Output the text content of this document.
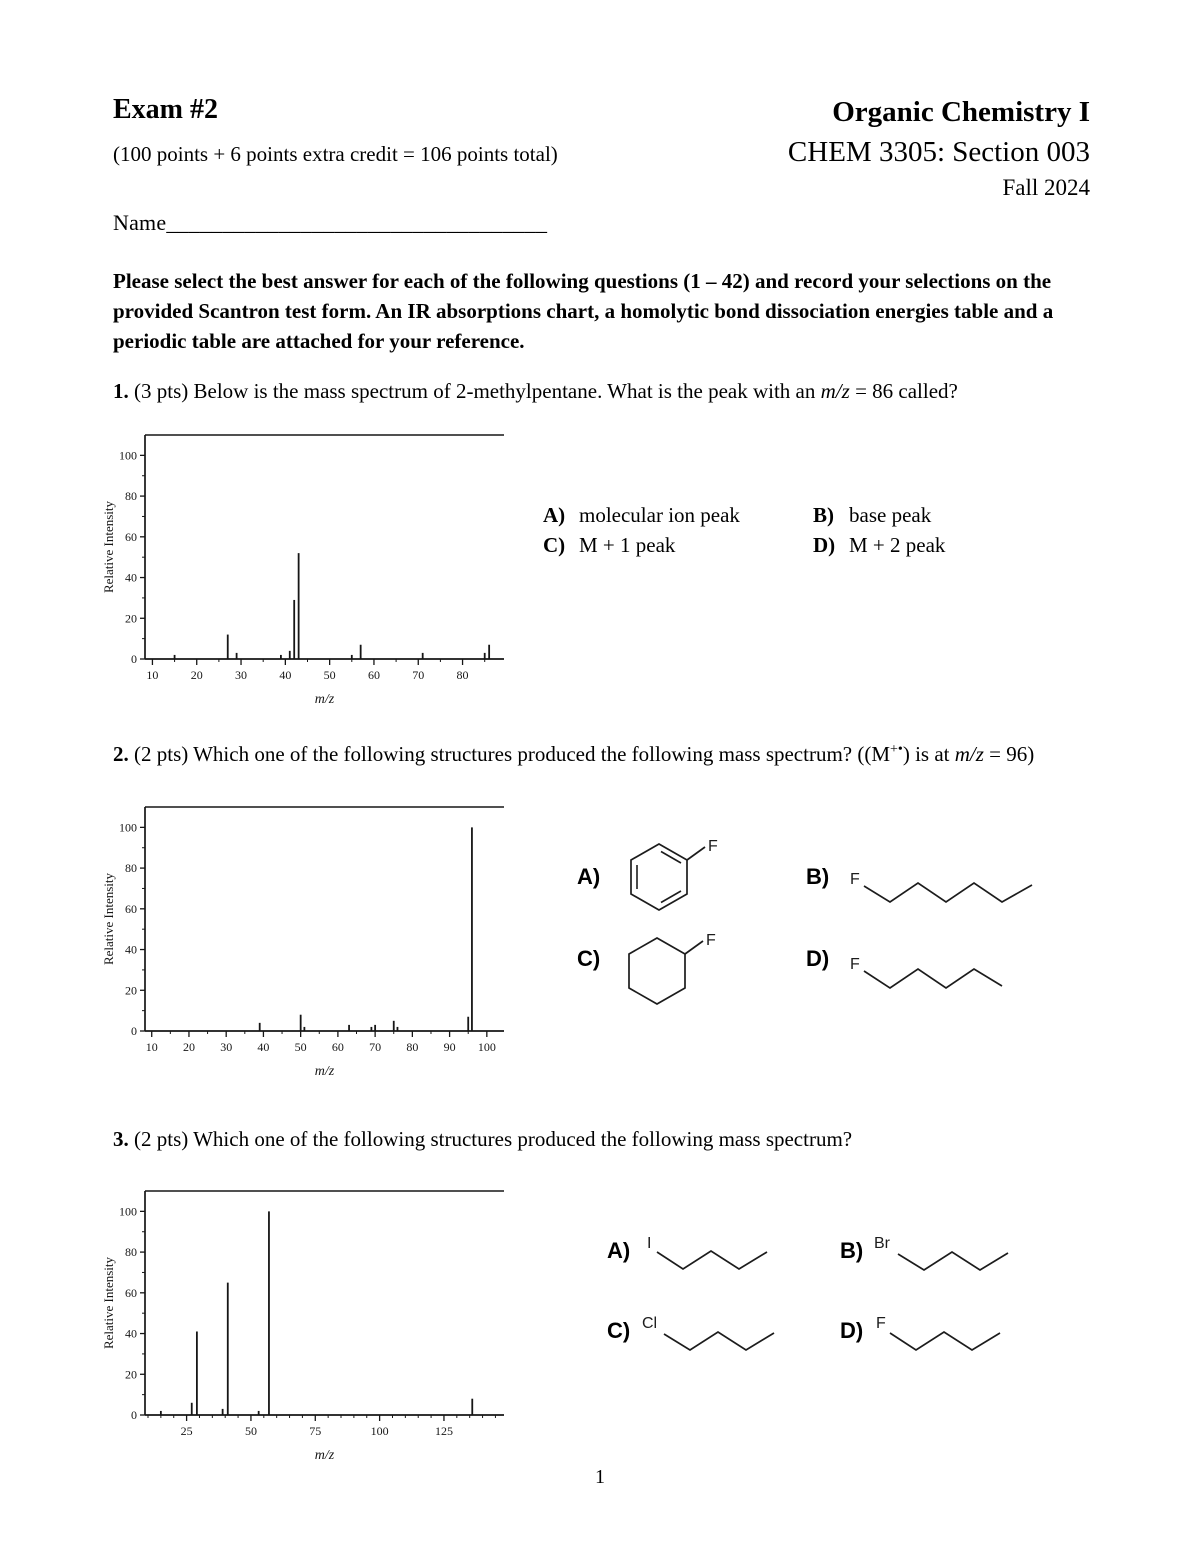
Exam #2
(100 points + 6 points extra credit = 106 points total)
Organic Chemistry I
CHEM 3305: Section 003
Fall 2024
Name__________________________________
Please select the best answer for each of the following questions (1 – 42) and record your selections on the provided Scantron test form. An IR absorptions chart, a homolytic bond dissociation energies table and a periodic table are attached for your reference.
1. (3 pts) Below is the mass spectrum of 2-methylpentane. What is the peak with an m/z = 86 called?
0
20
40
60
80
100
10	20	30	40	50	60	70	80
m/z
Relative Intensity	A) molecular ion peak	B) base peak
C) M + 1 peak	D) M + 2 peak
2. (2 pts) Which one of the following structures produced the following mass spectrum? ((M+•) is at m/z = 96)
0
20
40
60
80
100
10 20 30 40 50 60 70 80 90 100
m/z
Relative Intensity	A)
F
B) F
C)
F
D) F
3. (2 pts) Which one of the following structures produced the following mass spectrum?
0
20
40
60
80
100
25	50	75	100	125
m/z
Relative Intensity
A) I	B) Br
C) Cl	D) F
1
